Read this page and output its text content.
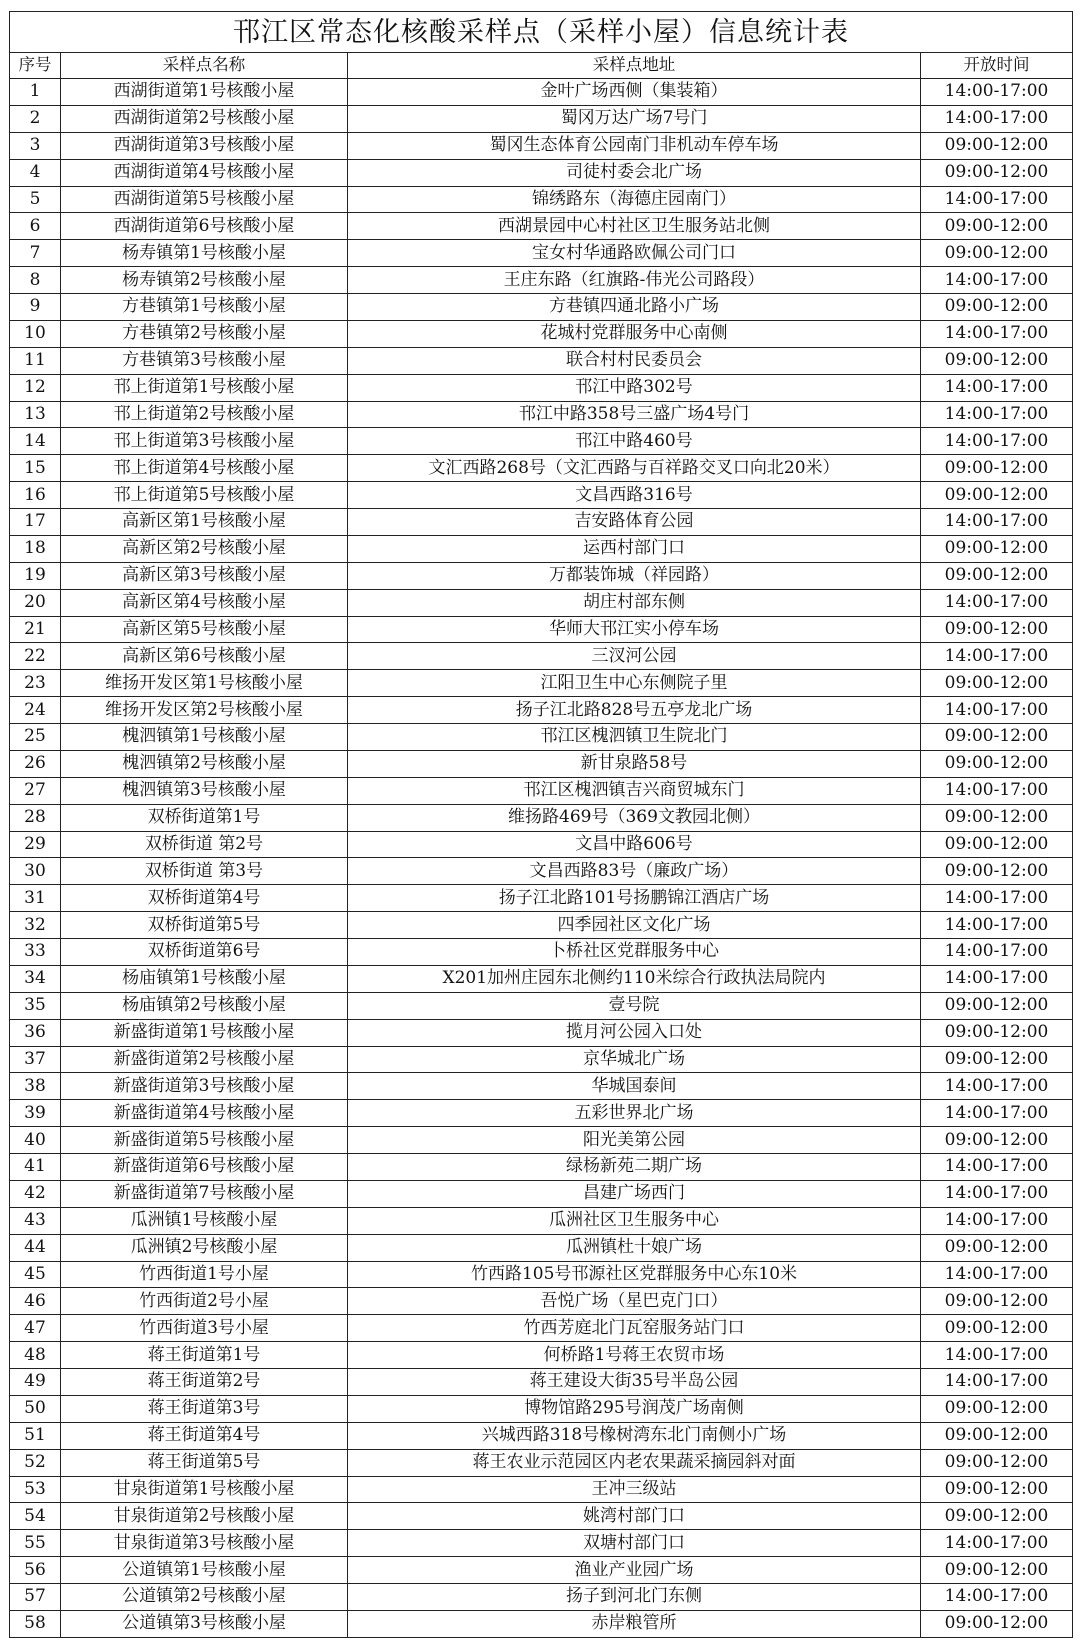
邗江区常态化核酸采样点（采样小屋）信息统计表			
序号	采样点名称	采样点地址	开放时间
1	西湖街道第1号核酸小屋	金叶广场西侧（集装箱）	14:00-17:00
2	西湖街道第2号核酸小屋	蜀冈万达广场7号门	14:00-17:00
3	西湖街道第3号核酸小屋	蜀冈生态体育公园南门非机动车停车场	09:00-12:00
4	西湖街道第4号核酸小屋	司徒村委会北广场	09:00-12:00
5	西湖街道第5号核酸小屋	锦绣路东（海德庄园南门）	14:00-17:00
6	西湖街道第6号核酸小屋	西湖景园中心村社区卫生服务站北侧	09:00-12:00
7	杨寿镇第1号核酸小屋	宝女村华通路欧佩公司门口	09:00-12:00
8	杨寿镇第2号核酸小屋	王庄东路（红旗路-伟光公司路段）	14:00-17:00
9	方巷镇第1号核酸小屋	方巷镇四通北路小广场	09:00-12:00
10	方巷镇第2号核酸小屋	花城村党群服务中心南侧	14:00-17:00
11	方巷镇第3号核酸小屋	联合村村民委员会	09:00-12:00
12	邗上街道第1号核酸小屋	邗江中路302号	14:00-17:00
13	邗上街道第2号核酸小屋	邗江中路358号三盛广场4号门	14:00-17:00
14	邗上街道第3号核酸小屋	邗江中路460号	14:00-17:00
15	邗上街道第4号核酸小屋	文汇西路268号（文汇西路与百祥路交叉口向北20米）	09:00-12:00
16	邗上街道第5号核酸小屋	文昌西路316号	09:00-12:00
17	高新区第1号核酸小屋	吉安路体育公园	14:00-17:00
18	高新区第2号核酸小屋	运西村部门口	09:00-12:00
19	高新区第3号核酸小屋	万都装饰城（祥园路）	09:00-12:00
20	高新区第4号核酸小屋	胡庄村部东侧	14:00-17:00
21	高新区第5号核酸小屋	华师大邗江实小停车场	09:00-12:00
22	高新区第6号核酸小屋	三汊河公园	14:00-17:00
23	维扬开发区第1号核酸小屋	江阳卫生中心东侧院子里	09:00-12:00
24	维扬开发区第2号核酸小屋	扬子江北路828号五亭龙北广场	14:00-17:00
25	槐泗镇第1号核酸小屋	邗江区槐泗镇卫生院北门	09:00-12:00
26	槐泗镇第2号核酸小屋	新甘泉路58号	09:00-12:00
27	槐泗镇第3号核酸小屋	邗江区槐泗镇吉兴商贸城东门	14:00-17:00
28	双桥街道第1号	维扬路469号（369文教园北侧）	09:00-12:00
29	双桥街道 第2号	文昌中路606号	09:00-12:00
30	双桥街道 第3号	文昌西路83号（廉政广场）	09:00-12:00
31	双桥街道第4号	扬子江北路101号扬鹏锦江酒店广场	14:00-17:00
32	双桥街道第5号	四季园社区文化广场	14:00-17:00
33	双桥街道第6号	卜桥社区党群服务中心	14:00-17:00
34	杨庙镇第1号核酸小屋	X201加州庄园东北侧约110米综合行政执法局院内	14:00-17:00
35	杨庙镇第2号核酸小屋	壹号院	09:00-12:00
36	新盛街道第1号核酸小屋	揽月河公园入口处	09:00-12:00
37	新盛街道第2号核酸小屋	京华城北广场	09:00-12:00
38	新盛街道第3号核酸小屋	华城国泰间	14:00-17:00
39	新盛街道第4号核酸小屋	五彩世界北广场	14:00-17:00
40	新盛街道第5号核酸小屋	阳光美第公园	09:00-12:00
41	新盛街道第6号核酸小屋	绿杨新苑二期广场	14:00-17:00
42	新盛街道第7号核酸小屋	昌建广场西门	14:00-17:00
43	瓜洲镇1号核酸小屋	瓜洲社区卫生服务中心	14:00-17:00
44	瓜洲镇2号核酸小屋	瓜洲镇杜十娘广场	09:00-12:00
45	竹西街道1号小屋	竹西路105号邗源社区党群服务中心东10米	14:00-17:00
46	竹西街道2号小屋	吾悦广场（星巴克门口）	09:00-12:00
47	竹西街道3号小屋	竹西芳庭北门瓦窑服务站门口	09:00-12:00
48	蒋王街道第1号	何桥路1号蒋王农贸市场	14:00-17:00
49	蒋王街道第2号	蒋王建设大街35号半岛公园	14:00-17:00
50	蒋王街道第3号	博物馆路295号润茂广场南侧	09:00-12:00
51	蒋王街道第4号	兴城西路318号橡树湾东北门南侧小广场	09:00-12:00
52	蒋王街道第5号	蒋王农业示范园区内老农果蔬采摘园斜对面	09:00-12:00
53	甘泉街道第1号核酸小屋	王冲三级站	09:00-12:00
54	甘泉街道第2号核酸小屋	姚湾村部门口	09:00-12:00
55	甘泉街道第3号核酸小屋	双塘村部门口	14:00-17:00
56	公道镇第1号核酸小屋	渔业产业园广场	09:00-12:00
57	公道镇第2号核酸小屋	扬子到河北门东侧	14:00-17:00
58	公道镇第3号核酸小屋	赤岸粮管所	09:00-12:00
